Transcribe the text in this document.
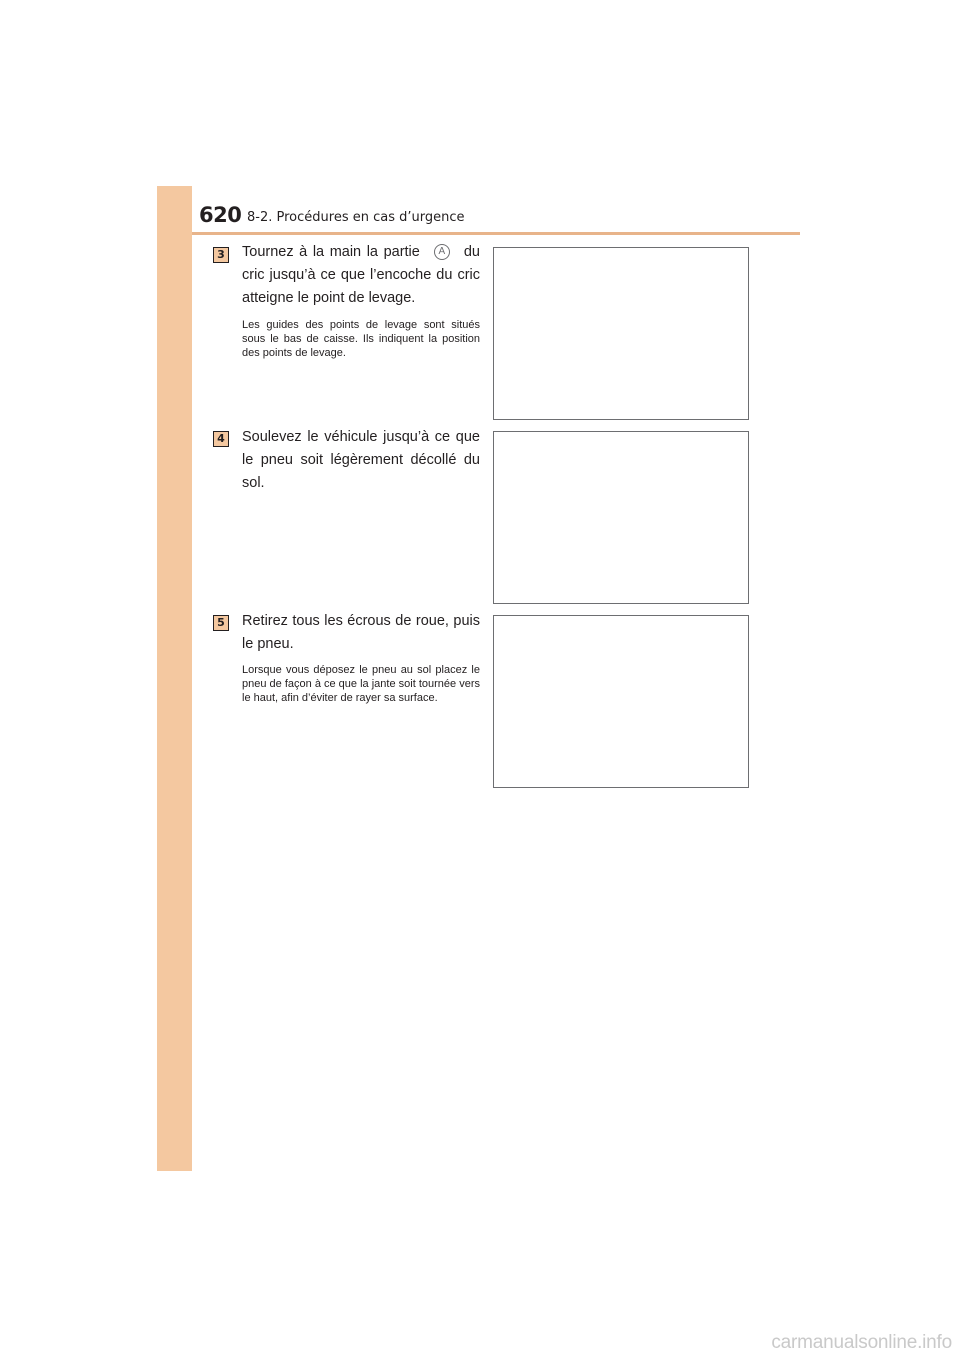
620 8-2. Procédures en cas d’urgence
3 Tournez à la main la partie A du cric jusqu’à ce que l’encoche du cric atteigne le point de levage.
Les guides des points de levage sont situés sous le bas de caisse. Ils indiquent la position des points de levage.
4 Soulevez le véhicule jusqu’à ce que le pneu soit légèrement décollé du sol.
5 Retirez tous les écrous de roue, puis le pneu.
Lorsque vous déposez le pneu au sol placez le pneu de façon à ce que la jante soit tournée vers le haut, afin d’éviter de rayer sa surface.
carmanualsonline.info
